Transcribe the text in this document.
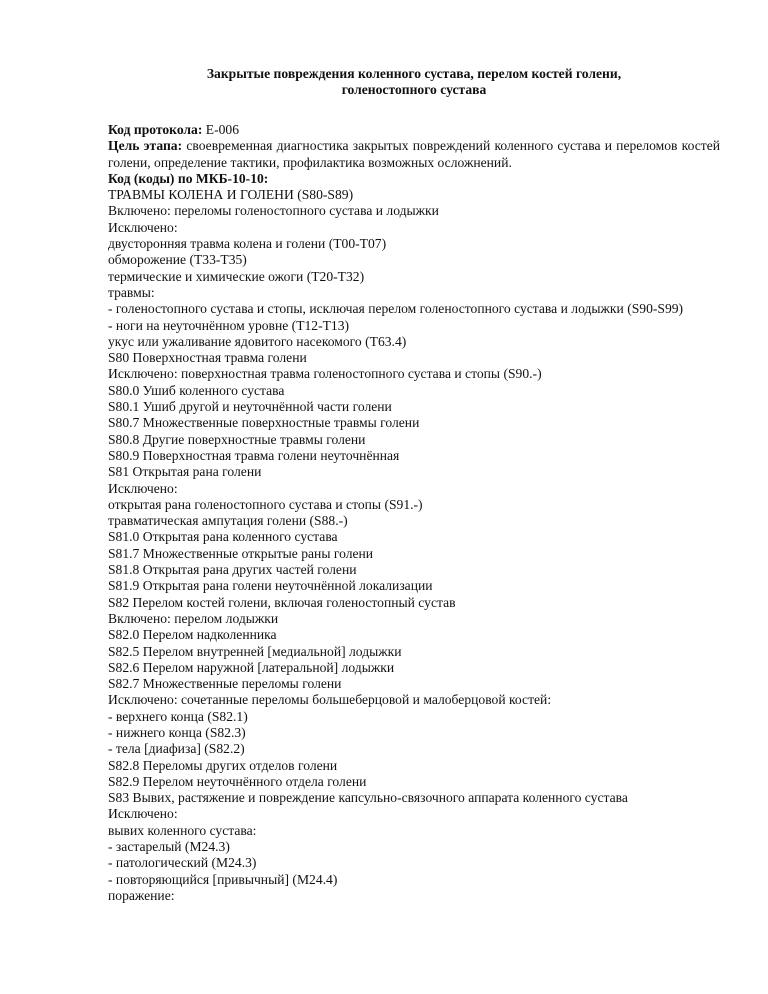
Закрытые повреждения коленного сустава, перелом костей голени,
голеностопного сустава
Код протокола: Е-006
Цель этапа: своевременная диагностика закрытых повреждений коленного сустава и переломов костей голени, определение тактики, профилактика возможных осложнений.
Код (коды) по МКБ-10-10:
ТРАВМЫ КОЛЕНА И ГОЛЕНИ (S80-S89)
Включено: переломы голеностопного сустава и лодыжки
Исключено:
двусторонняя травма колена и голени (Т00-Т07)
обморожение (Т33-Т35)
термические и химические ожоги (Т20-Т32)
травмы:
- голеностопного сустава и стопы, исключая перелом голеностопного сустава и лодыжки (S90-S99)
- ноги на неуточнённом уровне (Т12-Т13)
укус или ужаливание ядовитого насекомого (Т63.4)
S80 Поверхностная травма голени
Исключено: поверхностная травма голеностопного сустава и стопы (S90.-)
S80.0 Ушиб коленного сустава
S80.1 Ушиб другой и неуточнённой части голени
S80.7 Множественные поверхностные травмы голени
S80.8 Другие поверхностные травмы голени
S80.9 Поверхностная травма голени неуточнённая
S81 Открытая рана голени
Исключено:
открытая рана голеностопного сустава и стопы (S91.-)
травматическая ампутация голени (S88.-)
S81.0 Открытая рана коленного сустава
S81.7 Множественные открытые раны голени
S81.8 Открытая рана других частей голени
S81.9 Открытая рана голени неуточнённой локализации
S82 Перелом костей голени, включая голеностопный сустав
Включено: перелом лодыжки
S82.0 Перелом надколенника
S82.5 Перелом внутренней [медиальной] лодыжки
S82.6 Перелом наружной [латеральной] лодыжки
S82.7 Множественные переломы голени
Исключено: сочетанные переломы большеберцовой и малоберцовой костей:
- верхнего конца (S82.1)
- нижнего конца (S82.3)
- тела [диафиза] (S82.2)
S82.8 Переломы других отделов голени
S82.9 Перелом неуточнённого отдела голени
S83 Вывих, растяжение и повреждение капсульно-связочного аппарата коленного сустава
Исключено:
вывих коленного сустава:
- застарелый (М24.3)
- патологический (М24.3)
- повторяющийся [привычный] (М24.4)
поражение:
